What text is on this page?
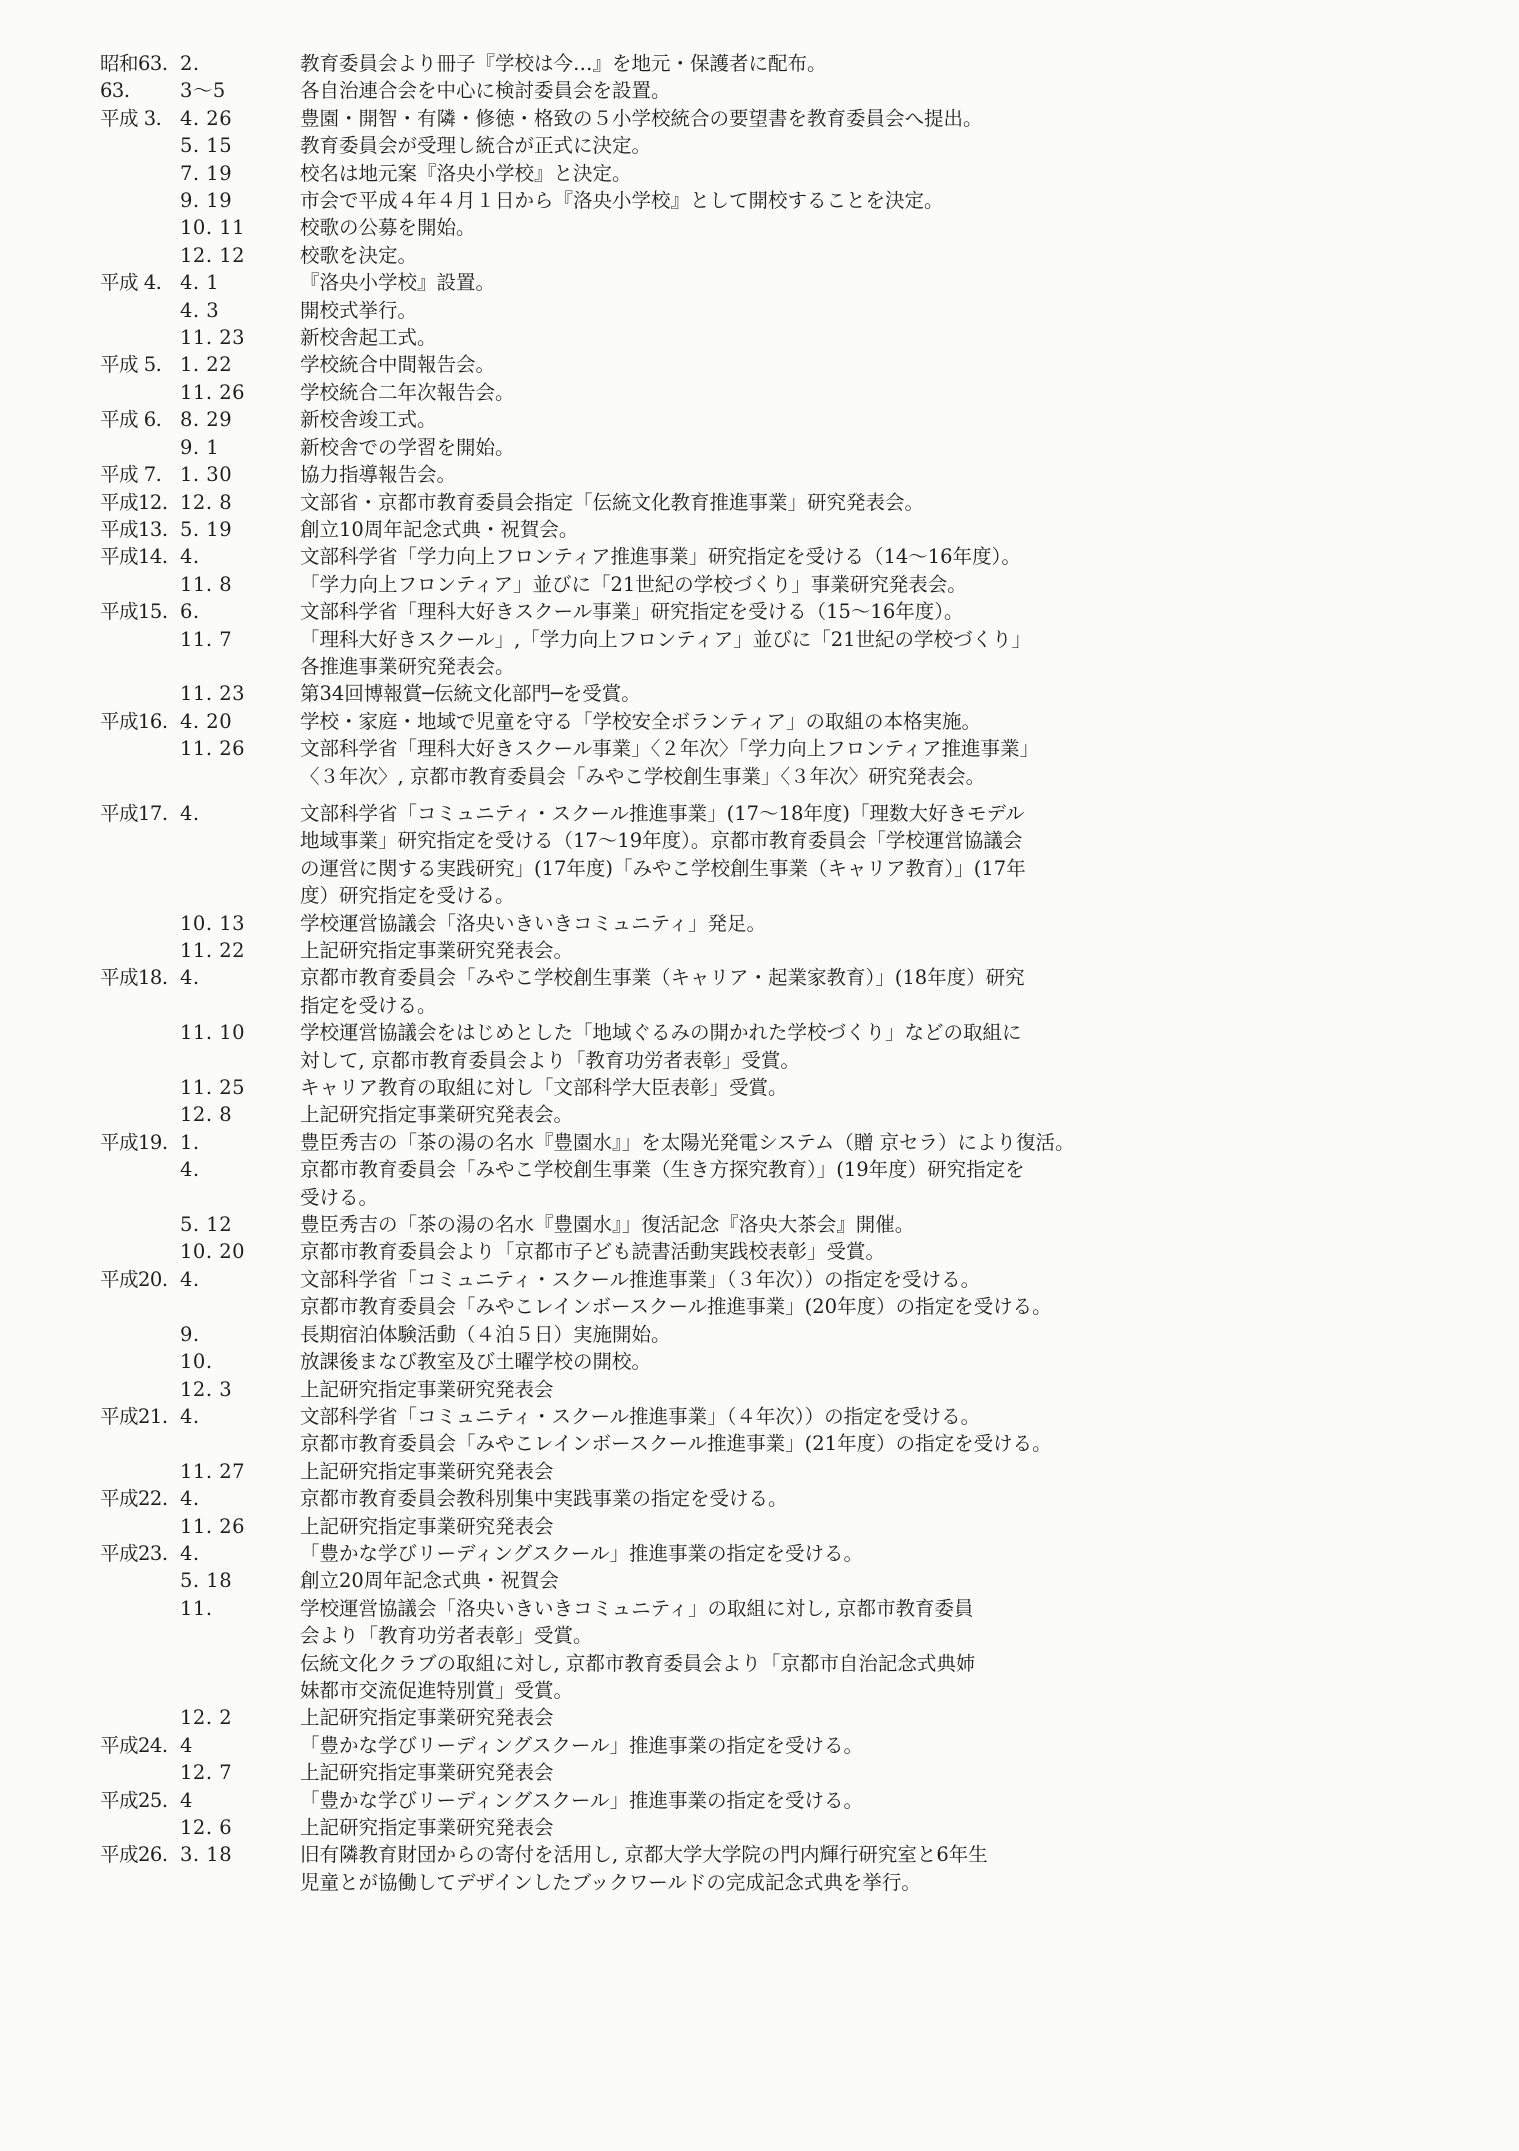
昭和63. 2.	教育委員会より冊子『学校は今…』を地元・保護者に配布。
63.	3～5	各自治連合会を中心に検討委員会を設置。
平成 3. 4. 26	豊園・開智・有隣・修徳・格致の５小学校統合の要望書を教育委員会へ提出。
5. 15	教育委員会が受理し統合が正式に決定。
7. 19	校名は地元案『洛央小学校』と決定。
9. 19	市会で平成４年４月１日から『洛央小学校』として開校することを決定。
10. 11	校歌の公募を開始。
12. 12	校歌を決定。
平成 4. 4. 1	『洛央小学校』設置。
4. 3	開校式挙行。
11. 23	新校舎起工式。
平成 5. 1. 22	学校統合中間報告会。
11. 26	学校統合二年次報告会。
平成 6. 8. 29	新校舎竣工式。
9. 1	新校舎での学習を開始。
平成 7. 1. 30	協力指導報告会。
平成12. 12. 8	文部省・京都市教育委員会指定「伝統文化教育推進事業」研究発表会。
平成13. 5. 19	創立10周年記念式典・祝賀会。
平成14. 4.	文部科学省「学力向上フロンティア推進事業」研究指定を受ける（14～16年度）。
11. 8	「学力向上フロンティア」並びに「21世紀の学校づくり」事業研究発表会。
平成15. 6.	文部科学省「理科大好きスクール事業」研究指定を受ける（15～16年度）。
11. 7	「理科大好きスクール」,「学力向上フロンティア」並びに「21世紀の学校づくり」
各推進事業研究発表会。
11. 23	第34回博報賞─伝統文化部門─を受賞。
平成16. 4. 20	学校・家庭・地域で児童を守る「学校安全ボランティア」の取組の本格実施。
11. 26	文部科学省「理科大好きスクール事業」〈２年次〉「学力向上フロンティア推進事業」
〈３年次〉, 京都市教育委員会「みやこ学校創生事業」〈３年次〉研究発表会。
平成17. 4.	文部科学省「コミュニティ・スクール推進事業」(17～18年度)「理数大好きモデル
地域事業」研究指定を受ける（17～19年度）。京都市教育委員会「学校運営協議会
の運営に関する実践研究」(17年度)「みやこ学校創生事業（キャリア教育）」(17年
度）研究指定を受ける。
10. 13	学校運営協議会「洛央いきいきコミュニティ」発足。
11. 22	上記研究指定事業研究発表会。
平成18. 4.	京都市教育委員会「みやこ学校創生事業（キャリア・起業家教育）」(18年度）研究
指定を受ける。
11. 10	学校運営協議会をはじめとした「地域ぐるみの開かれた学校づくり」などの取組に
対して, 京都市教育委員会より「教育功労者表彰」受賞。
11. 25	キャリア教育の取組に対し「文部科学大臣表彰」受賞。
12. 8	上記研究指定事業研究発表会。
平成19. 1.	豊臣秀吉の「茶の湯の名水『豊園水』」を太陽光発電システム（贈 京セラ）により復活。
4.	京都市教育委員会「みやこ学校創生事業（生き方探究教育）」(19年度）研究指定を
受ける。
5. 12	豊臣秀吉の「茶の湯の名水『豊園水』」復活記念『洛央大茶会』開催。
10. 20	京都市教育委員会より「京都市子ども読書活動実践校表彰」受賞。
平成20. 4.	文部科学省「コミュニティ・スクール推進事業」（３年次））の指定を受ける。
京都市教育委員会「みやこレインボースクール推進事業」(20年度）の指定を受ける。
9.	長期宿泊体験活動（４泊５日）実施開始。
10.	放課後まなび教室及び土曜学校の開校。
12. 3	上記研究指定事業研究発表会
平成21. 4.	文部科学省「コミュニティ・スクール推進事業」（４年次））の指定を受ける。
京都市教育委員会「みやこレインボースクール推進事業」(21年度）の指定を受ける。
11. 27	上記研究指定事業研究発表会
平成22. 4.	京都市教育委員会教科別集中実践事業の指定を受ける。
11. 26	上記研究指定事業研究発表会
平成23. 4.	「豊かな学びリーディングスクール」推進事業の指定を受ける。
5. 18	創立20周年記念式典・祝賀会
11.	学校運営協議会「洛央いきいきコミュニティ」の取組に対し, 京都市教育委員
会より「教育功労者表彰」受賞。
伝統文化クラブの取組に対し, 京都市教育委員会より「京都市自治記念式典姉
妹都市交流促進特別賞」受賞。
12. 2	上記研究指定事業研究発表会
平成24. 4	「豊かな学びリーディングスクール」推進事業の指定を受ける。
12. 7	上記研究指定事業研究発表会
平成25. 4	「豊かな学びリーディングスクール」推進事業の指定を受ける。
12. 6	上記研究指定事業研究発表会
平成26. 3. 18	旧有隣教育財団からの寄付を活用し, 京都大学大学院の門内輝行研究室と6年生
児童とが協働してデザインしたブックワールドの完成記念式典を挙行。
